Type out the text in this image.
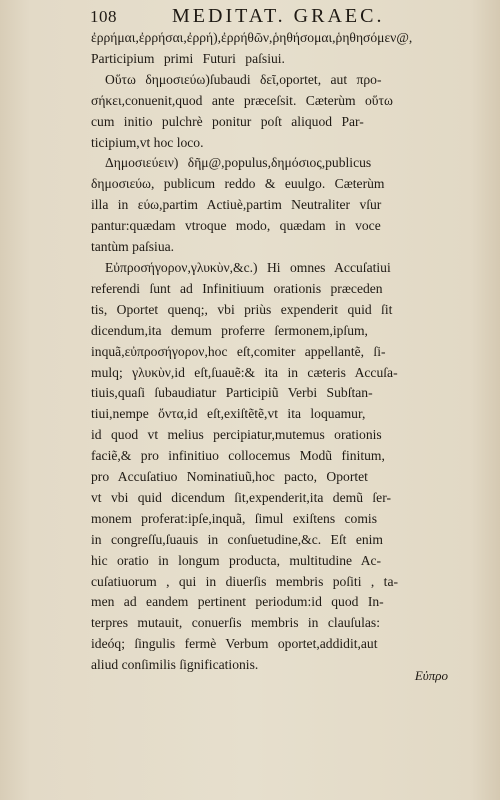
108	MEDITAT. GRAEC.
ἐρρήμαι,ἐρρήσαι,ἐρρή),ἐρρήθῶν,ῥηθήσομαι,ῥηθησόμεν@,
Participium primi Futuri paſsiui.
Οὕτω δημοσιεύω)ſubaudi δεῖ,oportet, aut προ-
σήκει,conuenit,quod ante præceſsit. Cæterùm οὕτω
cum initio pulchrè ponitur poſt aliquod Par-
ticipium,vt hoc loco.
Δημοσιεύειν) δῆμ@,populus,δημόσιος,publicus
δημοσιεύω, publicum reddo & euulgo. Cæterùm
illa in εύω,partim Actiuè,partim Neutraliter vſur
pantur:quædam vtroque modo, quædam in voce
tantùm paſsiua.
Εὐπροσήγορον,γλυκὺν,&c.) Hi omnes Accuſatiui
referendi ſunt ad Infinitiuum orationis præceden
tis, Oportet quenq;, vbi priùs expenderit quid ſit
dicendum,ita demum proferre ſermonem,ipſum,
inquã,εὐπροσήγορον,hoc eſt,comiter appellantẽ, ſi-
mulq; γλυκὺν,id eſt,ſuauẽ:& ita in cæteris Accuſa-
tiuis,quaſi ſubaudiatur Participiũ Verbi Subſtan-
tiui,nempe ὄντα,id eſt,exiſtẽtẽ,vt ita loquamur,
id quod vt melius percipiatur,mutemus orationis
faciẽ,& pro infinitiuo collocemus Modũ finitum,
pro Accuſatiuo Nominatiuũ,hoc pacto, Oportet
vt vbi quid dicendum ſit,expenderit,ita demũ ſer-
monem proferat:ipſe,inquã, ſimul exiſtens comis
in congreſſu,ſuauis in conſuetudine,&c. Eſt enim
hic oratio in longum producta, multitudine Ac-
cuſatiuorum , qui in diuerſis membris poſiti , ta-
men ad eandem pertinent periodum:id quod In-
terpres mutauit, conuerſis membris in clauſulas:
ideóq; ſingulis fermè Verbum oportet,addidit,aut
aliud conſimilis ſignificationis.
Εὐπρο
